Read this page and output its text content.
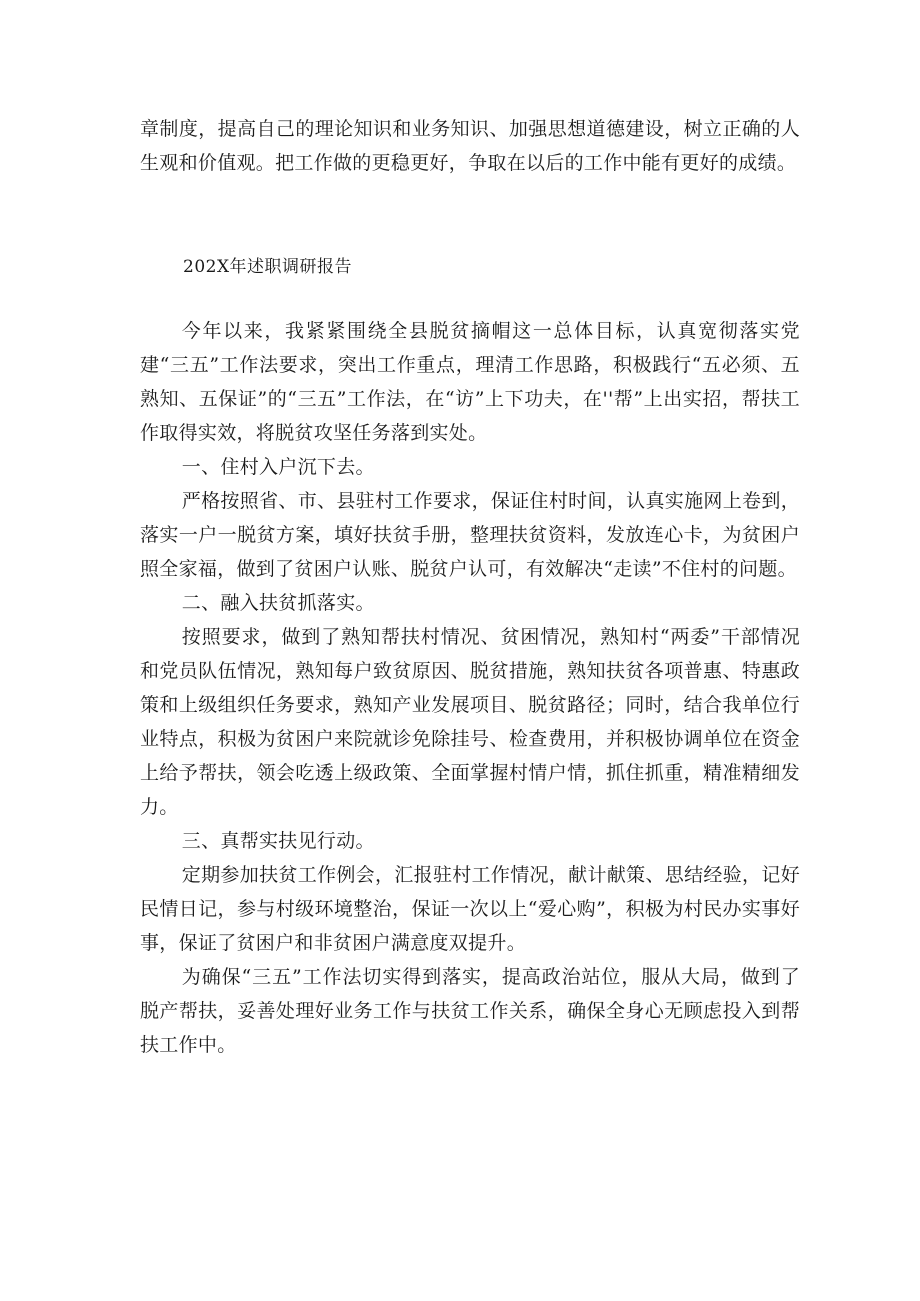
章制度，提高自己的理论知识和业务知识、加强思想道德建设，树立正确的人生观和价值观。把工作做的更稳更好，争取在以后的工作中能有更好的成绩。

202X年述职调研报告

今年以来，我紧紧围绕全县脱贫摘帽这一总体目标，认真宽彻落实党建“三五”工作法要求，突出工作重点，理清工作思路，积极践行“五必须、五熟知、五保证”的“三五”工作法，在“访”上下功夫，在''帮”上出实招，帮扶工作取得实效，将脱贫攻坚任务落到实处。

一、住村入户沉下去。

严格按照省、市、县驻村工作要求，保证住村时间，认真实施网上卷到，落实一户一脱贫方案，填好扶贫手册，整理扶贫资料，发放连心卡，为贫困户照全家福，做到了贫困户认账、脱贫户认可，有效解决“走读”不住村的问题。

二、融入扶贫抓落实。

按照要求，做到了熟知帮扶村情况、贫困情况，熟知村“两委”干部情况和党员队伍情况，熟知每户致贫原因、脱贫措施，熟知扶贫各项普惠、特惠政策和上级组织任务要求，熟知产业发展项目、脱贫路径；同时，结合我单位行业特点，积极为贫困户来院就诊免除挂号、检查费用，并积极协调单位在资金上给予帮扶，领会吃透上级政策、全面掌握村情户情，抓住抓重，精准精细发力。

三、真帮实扶见行动。

定期参加扶贫工作例会，汇报驻村工作情况，献计献策、思结经验，记好民情日记，参与村级环境整治，保证一次以上“爱心购”，积极为村民办实事好事，保证了贫困户和非贫困户满意度双提升。

为确保“三五”工作法切实得到落实，提高政治站位，服从大局，做到了脱产帮扶，妥善处理好业务工作与扶贫工作关系，确保全身心无顾虑投入到帮扶工作中。
